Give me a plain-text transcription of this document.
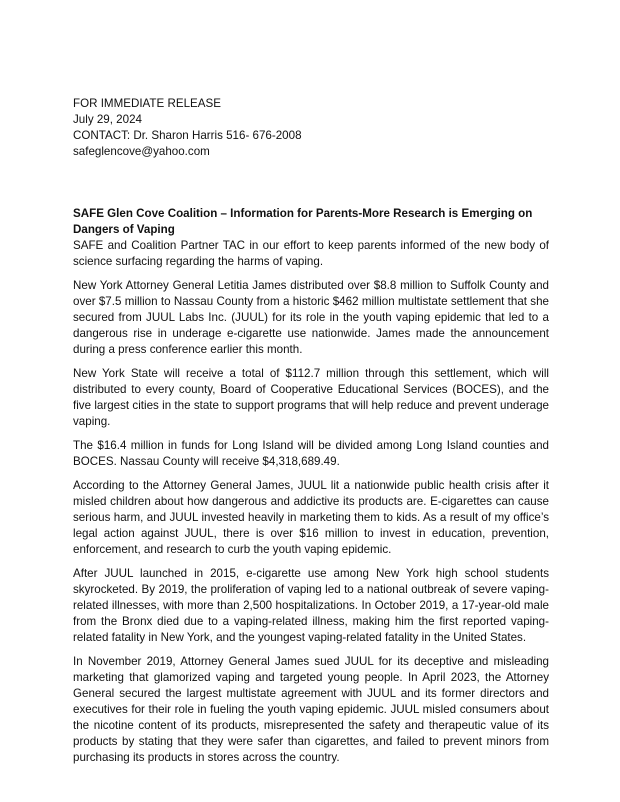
FOR IMMEDIATE RELEASE
July 29, 2024
CONTACT: Dr. Sharon Harris 516- 676-2008
safeglencove@yahoo.com
SAFE Glen Cove Coalition – Information for Parents-More Research is Emerging on Dangers of Vaping

SAFE and Coalition Partner TAC in our effort to keep parents informed of the new body of science surfacing regarding the harms of vaping.

New York Attorney General Letitia James distributed over $8.8 million to Suffolk County and over $7.5 million to Nassau County from a historic $462 million multistate settlement that she secured from JUUL Labs Inc. (JUUL) for its role in the youth vaping epidemic that led to a dangerous rise in underage e-cigarette use nationwide. James made the announcement during a press conference earlier this month.

New York State will receive a total of $112.7 million through this settlement, which will distributed to every county, Board of Cooperative Educational Services (BOCES), and the five largest cities in the state to support programs that will help reduce and prevent underage vaping.

The $16.4 million in funds for Long Island will be divided among Long Island counties and BOCES. Nassau County will receive $4,318,689.49.

According to the Attorney General James, JUUL lit a nationwide public health crisis after it misled children about how dangerous and addictive its products are. E-cigarettes can cause serious harm, and JUUL invested heavily in marketing them to kids. As a result of my office’s legal action against JUUL, there is over $16 million to invest in education, prevention, enforcement, and research to curb the youth vaping epidemic.

After JUUL launched in 2015, e-cigarette use among New York high school students skyrocketed. By 2019, the proliferation of vaping led to a national outbreak of severe vaping-related illnesses, with more than 2,500 hospitalizations. In October 2019, a 17-year-old male from the Bronx died due to a vaping-related illness, making him the first reported vaping-related fatality in New York, and the youngest vaping-related fatality in the United States.

In November 2019, Attorney General James sued JUUL for its deceptive and misleading marketing that glamorized vaping and targeted young people. In April 2023, the Attorney General secured the largest multistate agreement with JUUL and its former directors and executives for their role in fueling the youth vaping epidemic. JUUL misled consumers about the nicotine content of its products, misrepresented the safety and therapeutic value of its products by stating that they were safer than cigarettes, and failed to prevent minors from purchasing its products in stores across the country.
